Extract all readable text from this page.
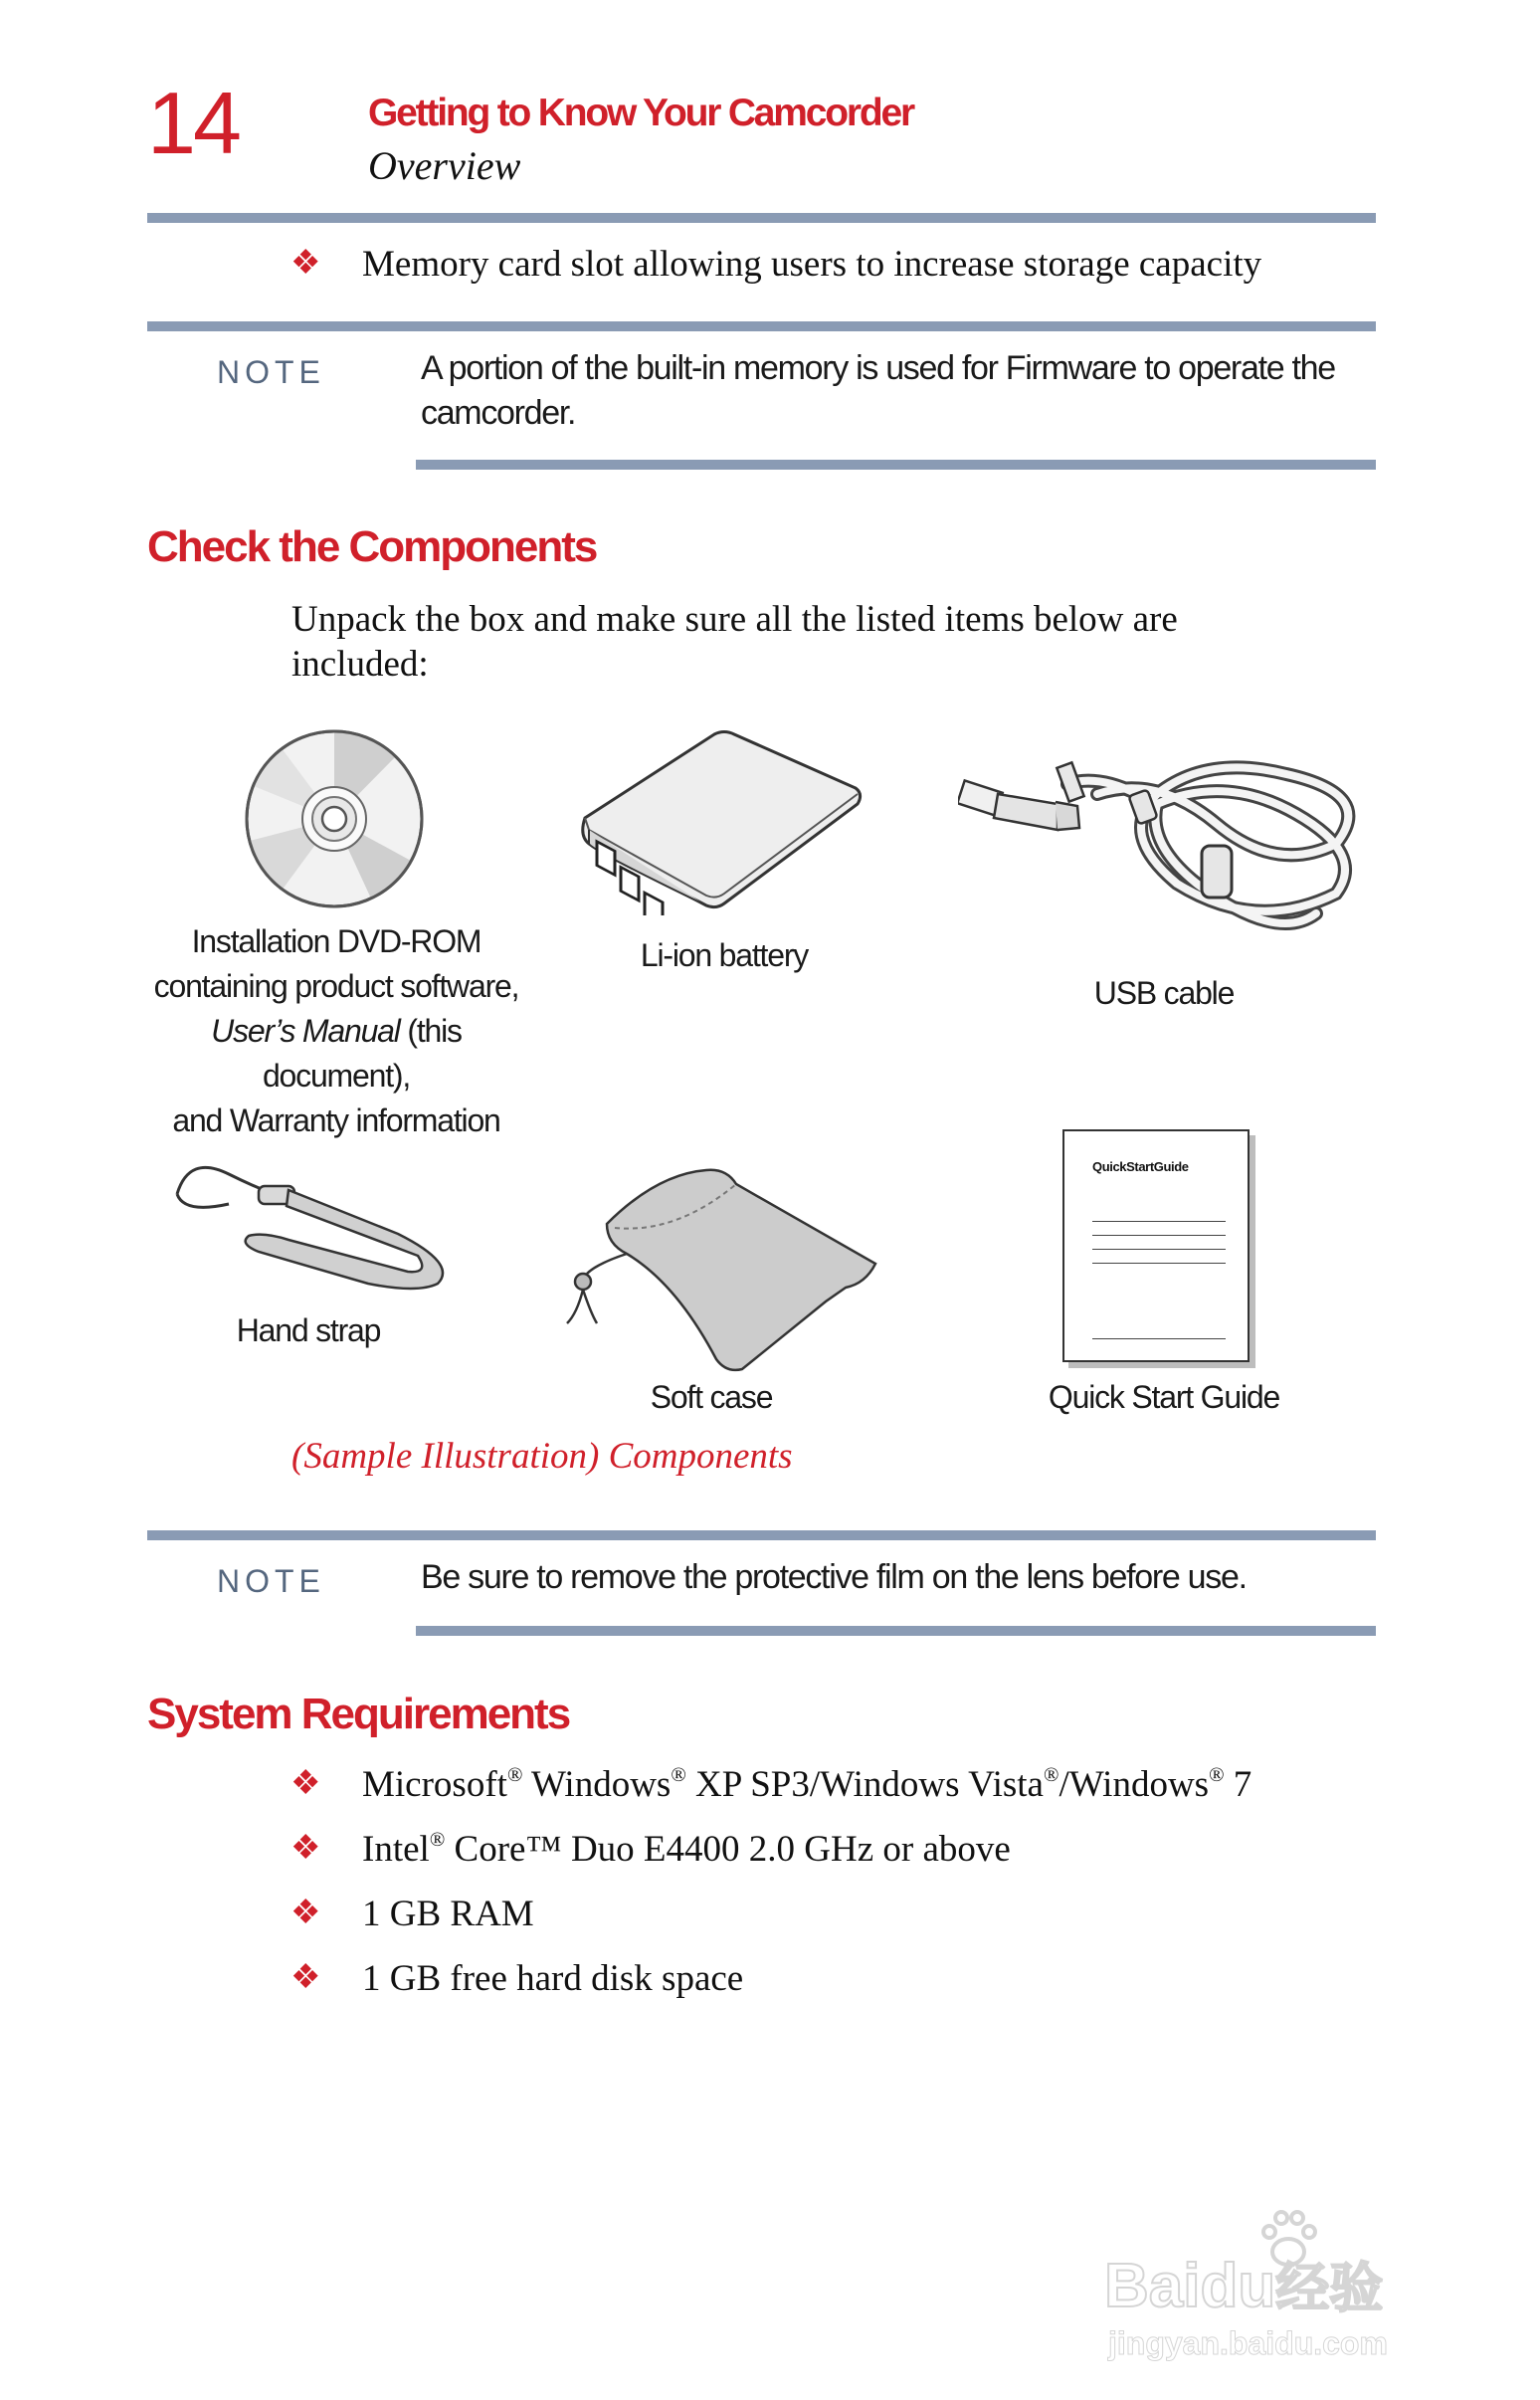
14	Getting to Know Your Camcorder
Overview
❖ Memory card slot allowing users to increase storage capacity
NOTE	A portion of the built-in memory is used for Firmware to operate the camcorder.
Check the Components
Unpack the box and make sure all the listed items below are included:
Installation DVD-ROM
containing product software,
User’s Manual (this document),
and Warranty information
Li-ion battery
USB cable
Hand strap
Soft case
QuickStartGuide
Quick Start Guide
(Sample Illustration) Components
NOTE	Be sure to remove the protective film on the lens before use.
System Requirements
❖ Microsoft® Windows® XP SP3/Windows Vista®/Windows® 7
❖ Intel® Core™ Duo E4400 2.0 GHz or above
❖ 1 GB RAM
❖ 1 GB free hard disk space
Baidu经验
jingyan.baidu.com
